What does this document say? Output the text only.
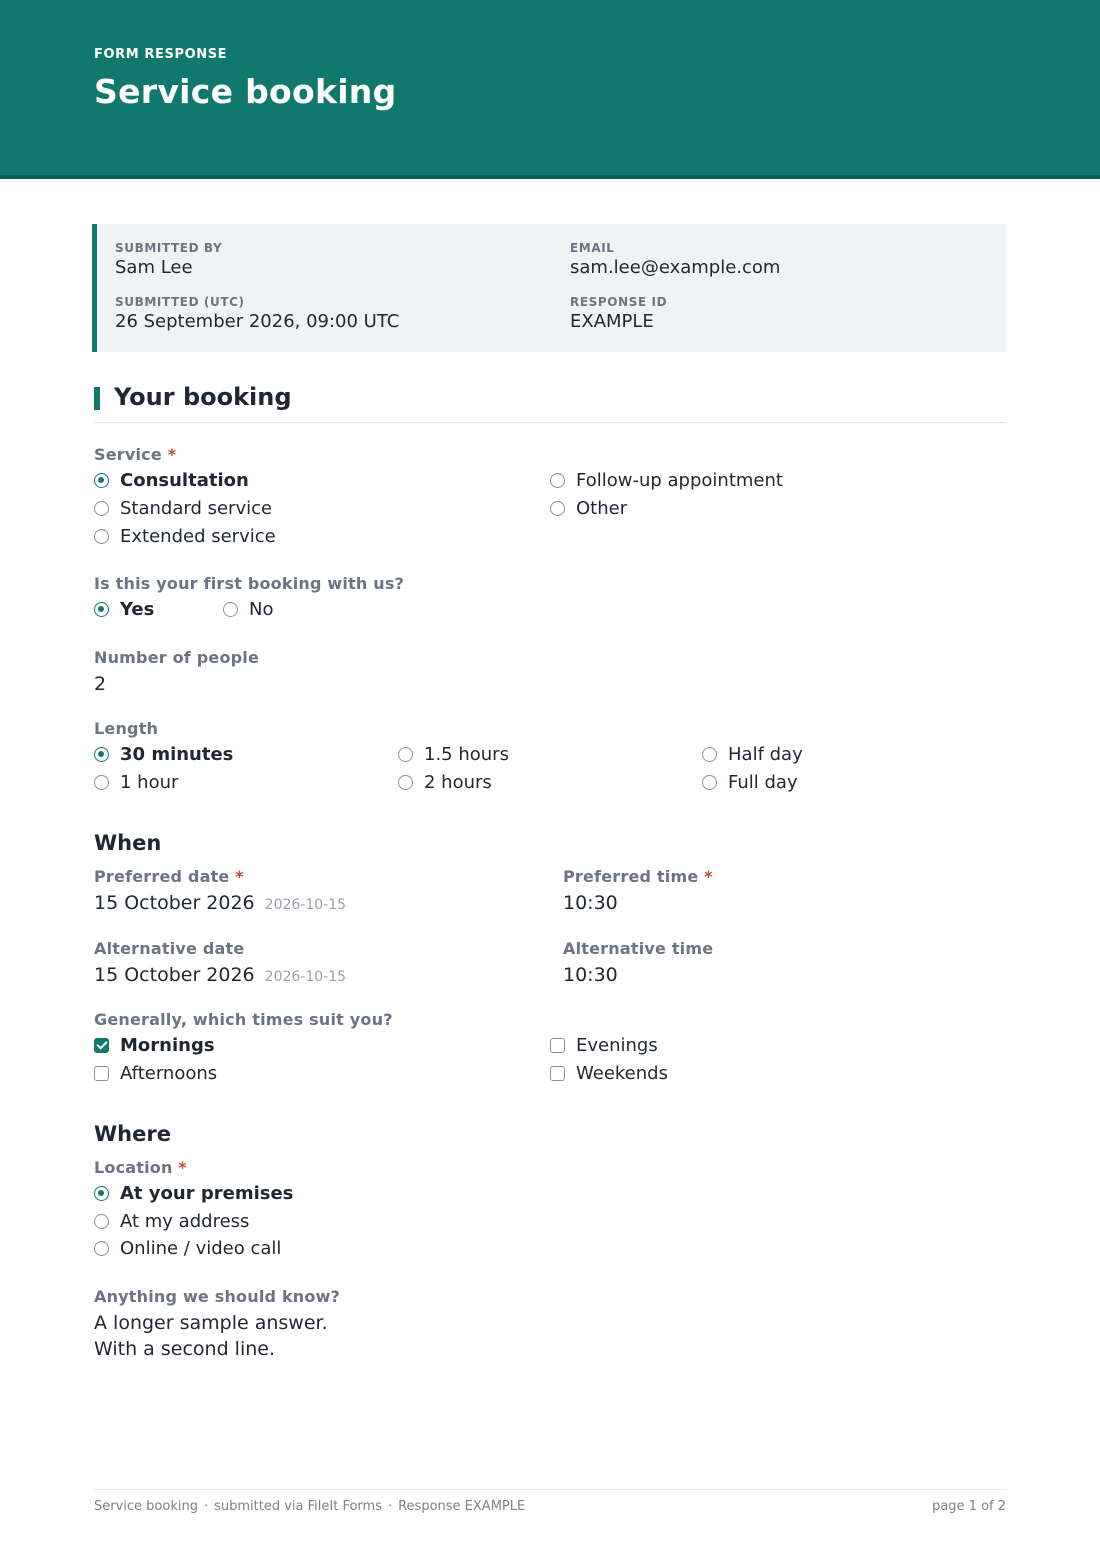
FORM RESPONSE
Service booking
SUBMITTED BY
Sam Lee
EMAIL
sam.lee@example.com
SUBMITTED (UTC)
26 September 2026, 09:00 UTC
RESPONSE ID
EXAMPLE
Your booking
Service *
Consultation
Standard service
Extended service
Follow-up appointment
Other
Is this your first booking with us?
Yes	No
Number of people
2
Length
30 minutes
1 hour
1.5 hours
2 hours
Half day
Full day
When
Preferred date *
15 October 2026 2026-10-15
Preferred time *
10:30
Alternative date
15 October 2026 2026-10-15
Alternative time
10:30
Generally, which times suit you?
Mornings
Afternoons
Evenings
Weekends
Where
Location *
At your premises
At my address
Online / video call
Anything we should know?
A longer sample answer.
With a second line.
Service booking · submitted via FileIt Forms · Response EXAMPLE	page 1 of 2
